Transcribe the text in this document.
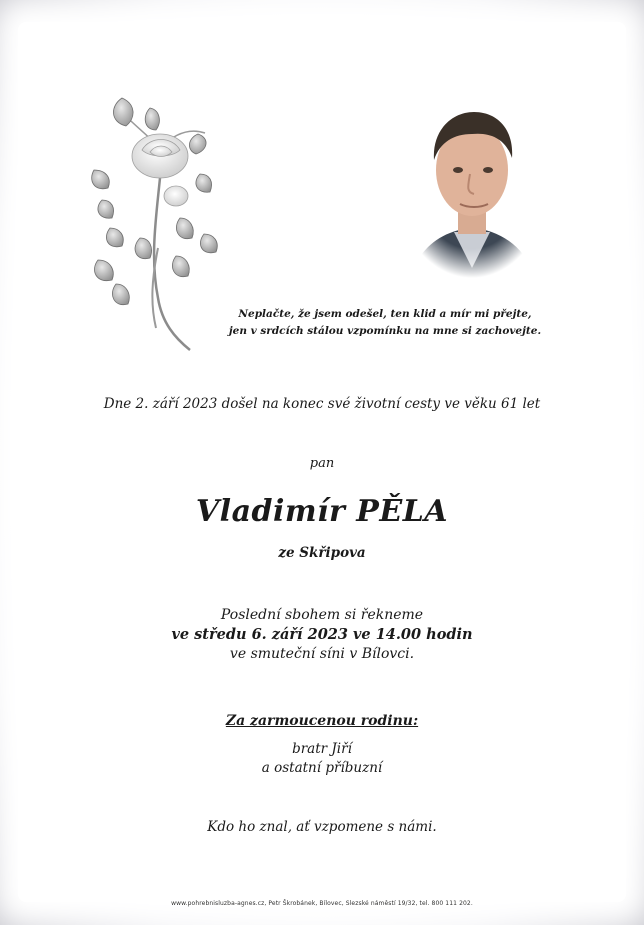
Neplačte, že jsem odešel, ten klid a mír mi přejte,
jen v srdcích stálou vzpomínku na mne si zachovejte.
Dne 2. září 2023 došel na konec své životní cesty ve věku 61 let
pan
Vladimír PĚLA
ze Skřipova
Poslední sbohem si řekneme
ve středu 6. září 2023 ve 14.00 hodin
ve smuteční síni v Bílovci.
Za zarmoucenou rodinu:
bratr Jiří
a ostatní příbuzní
Kdo ho znal, ať vzpomene s námi.
www.pohrebnisluzba-agnes.cz, Petr Škrobánek, Bílovec, Slezské náměstí 19/32, tel. 800 111 202.
